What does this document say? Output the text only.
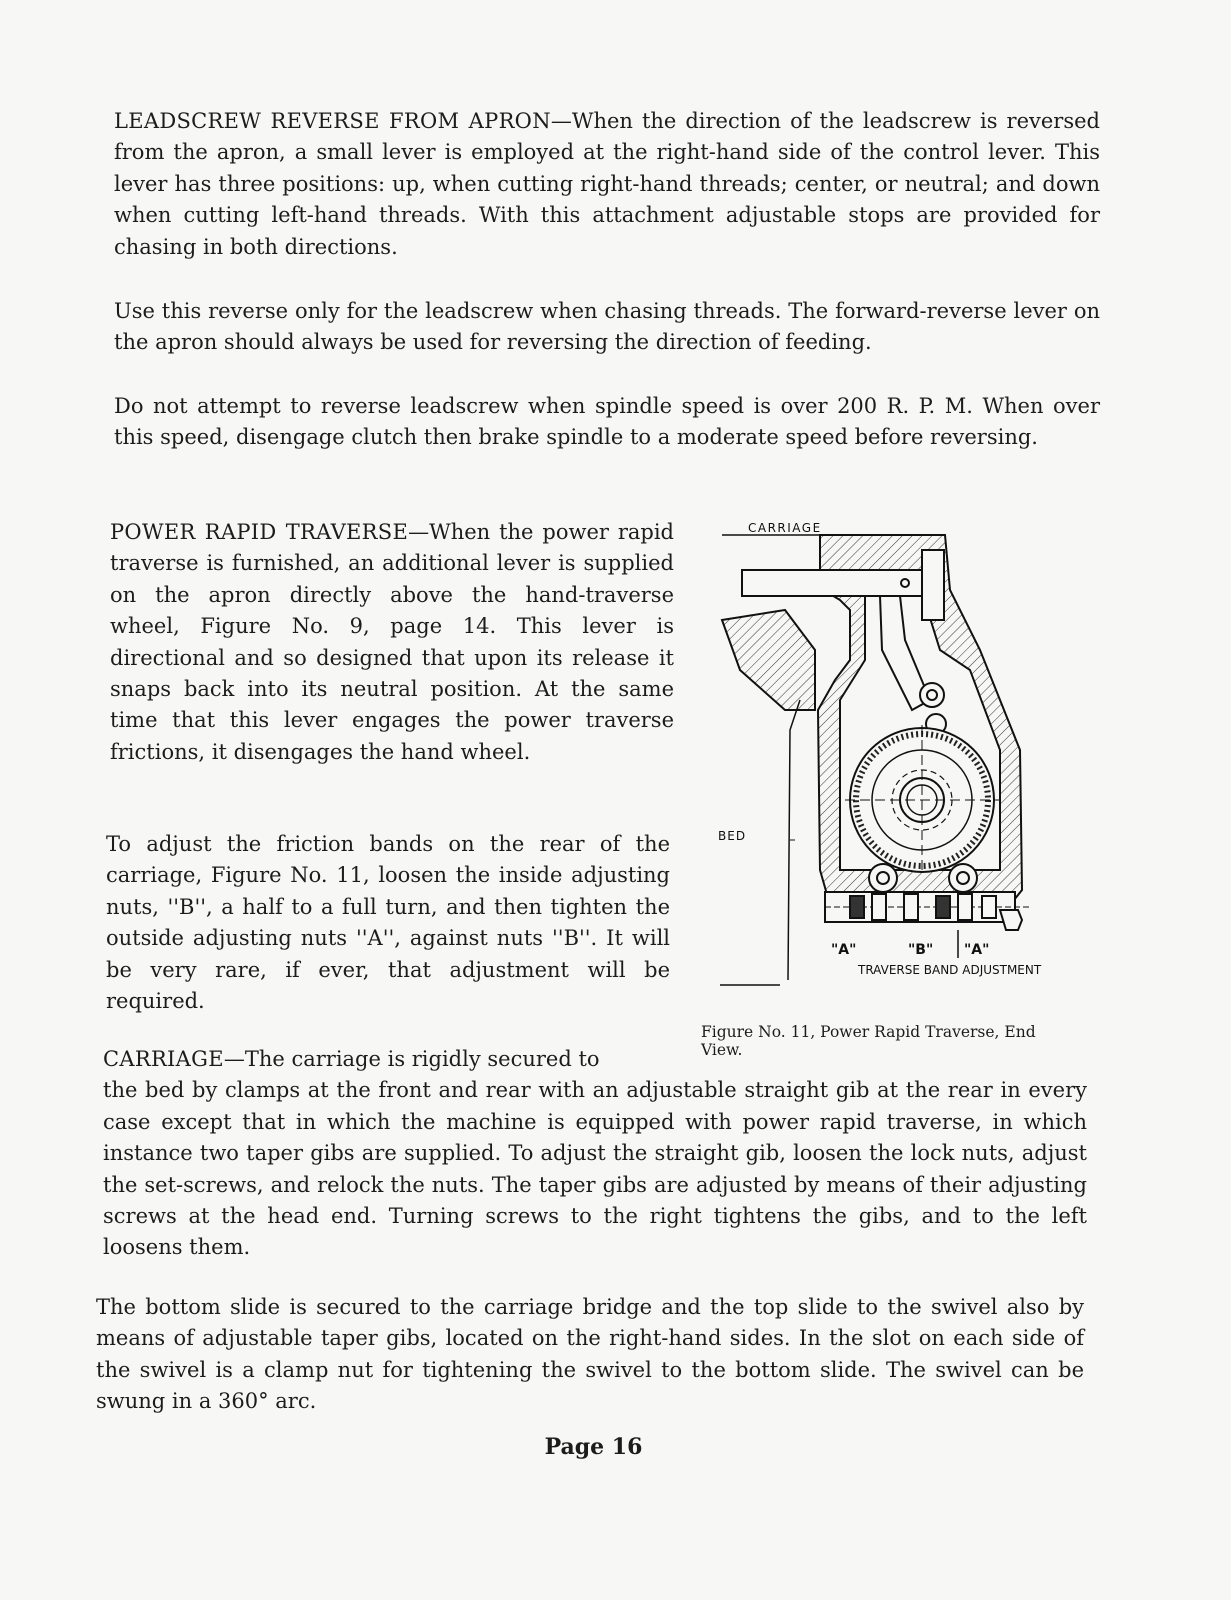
LEADSCREW REVERSE FROM APRON—When the direction of the leadscrew is reversed from the apron, a small lever is employed at the right-hand side of the control lever. This lever has three positions: up, when cutting right-hand threads; center, or neutral; and down when cutting left-hand threads. With this attachment adjustable stops are provided for chasing in both directions.

Use this reverse only for the leadscrew when chasing threads. The forward-reverse lever on the apron should always be used for reversing the direction of feeding.

Do not attempt to reverse leadscrew when spindle speed is over 200 R. P. M. When over this speed, disengage clutch then brake spindle to a moderate speed before reversing.

POWER RAPID TRAVERSE—When the power rapid traverse is furnished, an additional lever is supplied on the apron directly above the hand-traverse wheel, Figure No. 9, page 14. This lever is directional and so designed that upon its release it snaps back into its neutral position. At the same time that this lever engages the power traverse frictions, it disengages the hand wheel.

To adjust the friction bands on the rear of the carriage, Figure No. 11, loosen the inside adjusting nuts, ''B'', a half to a full turn, and then tighten the outside adjusting nuts ''A'', against nuts ''B''. It will be very rare, if ever, that adjustment will be required.

CARRIAGE—The carriage is rigidly secured to
the bed by clamps at the front and rear with an adjustable straight gib at the rear in every case except that in which the machine is equipped with power rapid traverse, in which instance two taper gibs are supplied. To adjust the straight gib, loosen the lock nuts, adjust the set-screws, and relock the nuts. The taper gibs are adjusted by means of their adjusting screws at the head end. Turning screws to the right tightens the gibs, and to the left loosens them.

The bottom slide is secured to the carriage bridge and the top slide to the swivel also by means of adjustable taper gibs, located on the right-hand sides. In the slot on each side of the swivel is a clamp nut for tightening the swivel to the bottom slide. The swivel can be swung in a 360° arc.

CARRIAGE
BED
"A"	"B" "A"
TRAVERSE BAND ADJUSTMENT

Figure No. 11, Power Rapid Traverse, End View.

Page 16
